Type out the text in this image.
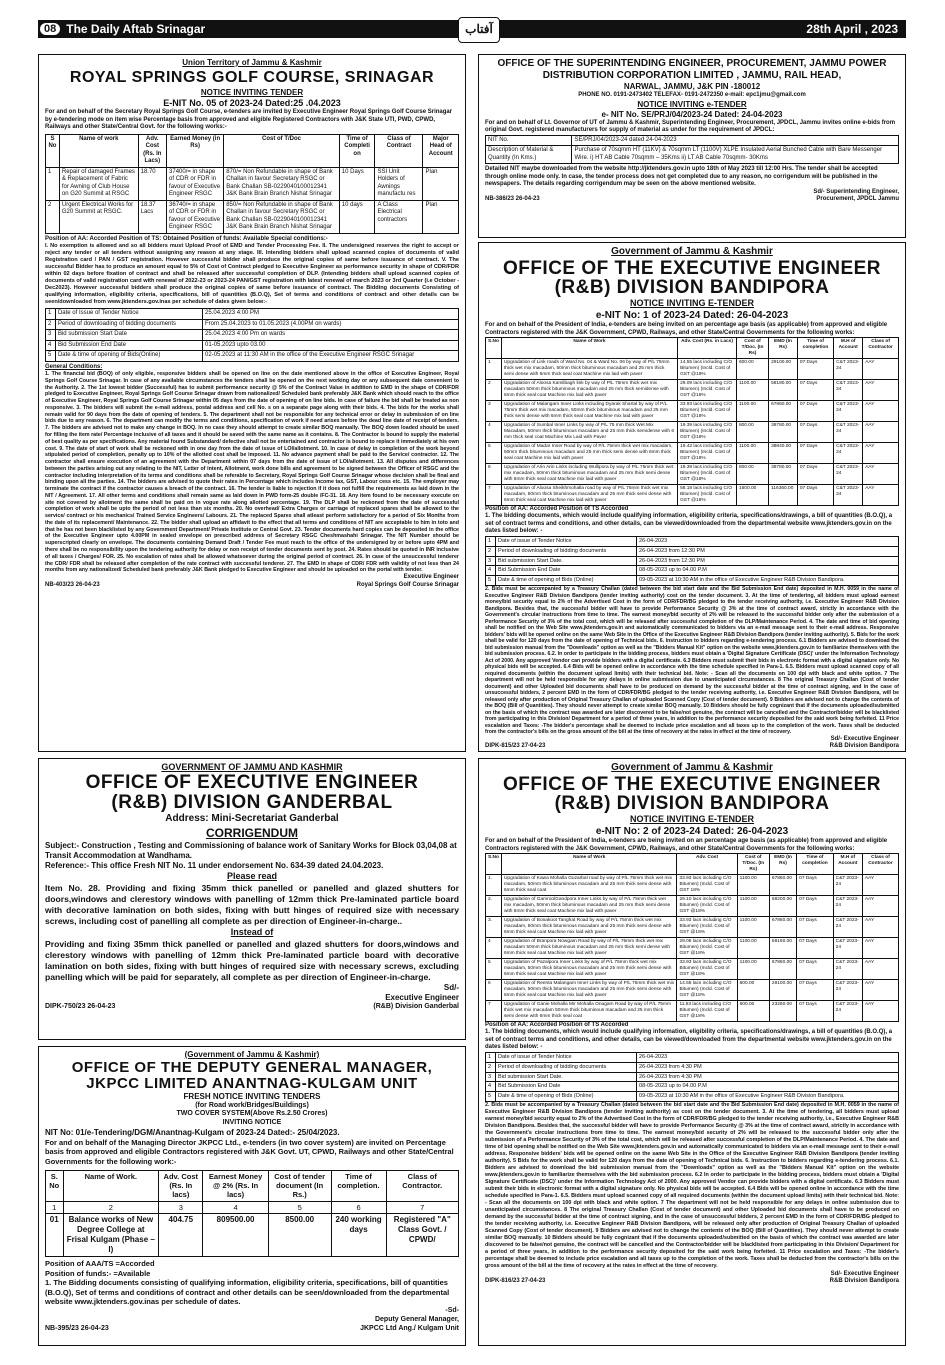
08 The Daily Aftab Srinagar	آفتاب	28th April , 2023
Union Territory of Jammu & Kashmir
ROYAL SPRINGS GOLF COURSE, SRINAGAR
NOTICE INVITING TENDER
E-NIT No. 05 of 2023-24 Dated:25 .04.2023
For and on behalf of the Secretary Royal Springs Golf Course, e-tenders are invited by Executive Engineer Royal Springs Golf Course Srinagar by e-tendering mode on item wise Percentage basis from approved and eligible Registered Contractors with J&K State UTI, PWD, CPWD, Railways and other State/Central Govt. for the following works:-
S No	Name of work	Adv. Cost (Rs. In Lacs)	Earned Money (in Rs)	Cost of T/Doc	Time of Completi on	Class of Contract	Major Head of Account
1	Repair of damaged Frames & Replacement of Fabric for Awning of Club House on G20 Summit at RSGC	18.70	37400/= in shape of CDR or FDR in favour of Executive Engineer RSGC	870/= Non Refundable in shape of Bank Challan in favour Secretary RSGC or Bank Challan SB-0229040100012341 J&K Bank Brain Branch Nishat Srinagar	10 Days	SSI Unit Holders of Awnings manufactu res	Plan
2	Urgent Electrical Works for G20 Summit at RSGC.	18.37 Lacs	36740/= in shape of CDR or FDR in favour of Executive Engineer RSGC	850/= Non Refundable in shape of Bank Challan in favour Secretary RSGC or Bank Challan SB-0229040100012341 J&K Bank Brain Branch Nishat Srinagar	10 days	A Class Electrical contractors	Plan
Position of AA: Accorded Position of TS: Obtained Position of funds: Available Special conditions:-
I. No exemption is allowed and so all bidders must Upload Proof of EMD and Tender Processing Fee. II. The undersigned reserves the right to accept or reject any tender or all tenders without assigning any reason at any stage. III. Intending bidders shall upload scanned copies of documents of valid Registration card / PAN / GST registration. However successful bidder shall produce the original copies of same before issuance of contract. V. The successful Bidder has to produce an amount equal to 5% of Cost of Contract pledged to Executive Engineer as performance security in shape of CDR/FDR within 02 days before fixation of contract and shall be released after successful completion of DLP. (Intending bidders shall upload scanned copies of documents of valid registration card with renewal of 2022-23 or 2023-24 PAN/GST registration with latest renewal of march 2023 or 3rd Quarter (i.e October -Dec2023). However successful bidders shall produce the original copies of same before issuance of contract. The Bidding documents Consisting of qualifying information, eligibility criteria, specifications, bill of quantities (B.O.Q), Set of terms and conditions of contract and other details can be seen/downloaded from www.jktenders.gov.inas per schedule of dates given below:-
1	Date of Issue of Tender Notice	25.04.2023 4:00 PM
2	Period of downloading of bidding documents	From 25.04.2023 to 01.05.2023 (4.00PM on wards)
3	Bid submission Start Date	25.04.2023 4:00 Pm on wards
4	Bid Submission End Date	01-05.2023 upto 03.00
5	Date & time of opening of Bids(Online)	02-05.2023 at 11:30 AM in the office of the Executive Engineer RSGC Srinagar
General Conditions:
1. The financial bid (BOQ) of only eligible, responsive bidders shall be opened on line on the date mentioned above in the office of Executive Engineer, Royal Springs Golf Course Srinagar. In case of any available circumstances the tenders shall be opened on the next working day or any subsequent date convenient to the Authority. 2. The 1st lowest bidder (Successful) has to submit performance security @ 5% of the Contract Value in addition to EMD in the shape of CDR/FDR pledged to Executive Engineer, Royal Springs Golf Course Srinagar drawn from nationalized/ Scheduled bank preferably J&K Bank which should reach to the office of Executive Engineer, Royal Springs Golf Course Srinagar within 05 days from the date of opening of on line bids. In case of failure the bid shall be treated as non responsive. 3. The bidders will submit the e-mail address, postal address and cell No. s on a separate page along with their bids. 4. The bids for the works shall remain valid for 90 days from the date of opening of tenders. 5. The department shall not be responsible for any technical error or delay in submission of on line bids due to any reason. 6. The department can modify the terms and conditions, specification of work if need arises before the dead line date of receipt of tenders. 7. The bidders are advised not to make any change in BOQ. In no case they should attempt to create similar BOQ manually. The BOQ down loaded should be used for filling the item rate/ Percentage inclusive of all taxes and it should be saved with the same name as it contains. 8. The Contractor is bound to supply the material of best quality as per specifications. Any material found Substandard/ defective shall not be entertained and contractor is bound to replace it immediately at his own cost. 9. The date of start of work shall be reckoned with in one day from the date of issue of LOI/allotment. 10. In case of delay in completion of the work beyond stipulated period of completion, penalty up to 10% of the allotted cost shall be imposed. 11. No advance payment shall be paid to the Service/ contractor. 12. The contractor shall ensure execution of an agreement with the Department within 07 days from the date of issue of LOI/allotment. 13. All disputes and differences between the parties arising out any relating to the NIT, Letter of intent, Allotment, work done bills and agreement to be signed between the Officer of RSGC and the contractor including interpretation of its terms and conditions shall be referable to Secretary, Royal Springs Golf Course Srinagar whose decision shall be final and binding upon all the parties. 14. The bidders are advised to quote their rates in Percentage which includes Income tax, GST, Labour cess etc. 15. The employer may terminate the contract if the contractor causes a breach of the contract. 16. The tender is liable to rejection if it does not fulfill the requirements as laid down in the NIT / Agreement. 17. All other terms and conditions shall remain same as laid down in PWD form-25 double /FC-31. 18. Any item found to be necessary execute on site not covered by allotment the same shall be paid on in vogue rate along allotted percentage. 19. The DLP shall be reckoned from the date of successful completion of work shall be upto the period of not less than six months. 20. No overhead/ Extra Charges or carriage of replaced spares shall be allowed to the service/ contract or his mechanics/ Trained Service Engineers/ Labours. 21. The replaced Spares shall atleast perform satisfactory for a period of Six Months from the date of its replacement/ Maintenance. 22. The bidder shall upload an affidavit to the effect that all terms and conditions of NIT are acceptable to him in toto and that he has not been blacklisted by any Government Department/ Private Institute or Central Govt. 23. Tender documents hard copies can be deposited in the office of the Executive Engineer upto 4.00PM in sealed envelope on prescribed address of Secretary RSGC Cheshmashahi Srinagar. The NIT Number should be superscripted clearly on envelope. The documents containing Demand Draft / Tender Fee must reach to the office of the undersigned by or before upto 4PM and there shall be no responsibility upon the tendering authority for delay or non receipt of tender documents sent by post. 24. Rates should be quoted in INR inclusive of all taxes / Charges/ FOR. 25. No escalation of rates shall be allowed whatsoever during the original period of contract. 26. In case of the unsuccessful tenderer the CDR/ FDR shall be released after completion of the rate contract with successful tenderer. 27. The EMD in shape of CDR/ FDR with validity of not less than 24 months from any nationalized/ Scheduled bank preferably J&K Bank pledged to Executive Engineer and should be uploaded on the portal with tender.
Executive Engineer
NB-403/23 26-04-23	Royal Springs Golf Course Srinagar
OFFICE OF THE SUPERINTENDING ENGINEER, PROCUREMENT, JAMMU POWER DISTRIBUTION CORPORATION LIMITED , JAMMU, RAIL HEAD,
NARWAL, JAMMU, J&K PIN -180012
PHONE NO. 0191-2473402 TELEFAX- 0191-2472350 e-mail: epc1jmu@gmail.com
NOTICE INVITING e-TENDER
e- NIT No. SE/PRJ/04/2023-24 Dated: 24-04-2023
For and on behalf of Lt. Governor of UT of Jammu & Kashmir, Superintending Engineer, Procurement, JPDCL, Jammu invites online e-bids from original Govt. registered manufacturers for supply of material as under for the requirement of JPDCL:
NIT No.	SE/PRJ/04/2023-24 dated 24-04-2023
Description of Material & Quantity (In Kms.)	Purchase of 70sqmm HT (11KV) & 70sqmm LT (1100V) XLPE Insulated Aerial Bunched Cable with Bare Messenger Wire. i) HT AB Cable 70sqmm – 35Kms ii) LT AB Cable 70sqmm- 30Kms
Detailed NIT maybe downloaded from the website http://jktenders.gov.in upto 18th of May 2023 till 12:00 Hrs. The tender shall be accepted through online mode only. In case, the tender process does not get completed due to any reason, no corrigendum will be published in the newspapers. The details regarding corrigendum may be seen on the above mentioned website.
Sd/- Superintending Engineer,
NB-386/23 26-04-23	Procurement, JPDCL Jammu
Government of Jammu & Kashmir
OFFICE OF THE EXECUTIVE ENGINEER
(R&B) DIVISION BANDIPORA
NOTICE INVITING E-TENDER
e-NIT No: 1 of 2023-24 Dated: 26-04-2023
For and on behalf of the President of India, e-tenders are being invited on an percentage age basis (as applicable) from approved and eligible Contractors registered with the J&K Government, CPWD, Railways, and other State/Central Governments for the following works:
S.No	Name of Work	Adv. Cost (Rs. in Lacs)	Cost of T/Doc. (In Rs)	EMD (In Rs)	Time of completion	M.H of Account	Class of Contractor
1	Upgradation of Link roads of Ward No. 04 & Ward No. 06 by way of P/L 75mm thick wet mix macadam, 50mm thick bituminous macadam and 25 mm thick semi dense with 6mm thick seal coat Machine mix laid with paver	14.55 lacs including C/O Bitumen) (Incld. Cost of GST @18%	600.00	29100.00	07 Days	C&T 2023-24	AAY
2	Upgradation of Aloosa Kamlibagh link by way of P/L 75mm thick wet mix macadam 50mm thick bituminous macadam and 25 mm thick semidense with 6mm thick seal coat Machine mix laid with paver	29.09 lacs including C/O Bitumen) (Incld. Cost of GST @18%	1100.00	58180.00	07 Days	C&T 2023-24	AAY
3	Upgradation of Malangam Inner Links including Dyarak Shartal by way of P/L 75mm thick wet mix macadam, 50mm thick bituminous macadam and 25 mm thick semi dense with 6mm thick seal coat Machine mix laid with paver	33.93 lacs including C/O Bitumen) (Incld. Cost of GST @18%	1100.00	67860.00	07 Days	C&T 2023-24	AAY
4	Upgradation of Sumbal Inner Links by way of P/L 75 mm thick Wet Mix Macadam, 50mm thick bituminous macadam and 25 mm thick semidense with 6 mm thick seal coat Machine Mix Laid with Paver	19.39 lacs including C/O Bitumen) (Incld. Cost of GST @18%	800.00	38780.00	07 Days	C&T 2023-24	AAY
5	Upgradation of Madar Inner Road by way of P/L 75mm thick wet mix macadam, 50mm thick bituminous macadam and 25 mm thick semi dense with 6mm thick seal coat Machine mix laid with paver	19.42 lacs including C/O Bitumen) (Incld. Cost of GST @18%	1100.00	38840.00	07 Days	C&T 2023-24	AAY
6	Upgradation of Arin Arin Links including Wullipora by way of P/L 75mm thick wet mix macadam, 50mm thick bituminous macadam and 25 mm thick semi dense with 6mm thick seal coat Machine mix laid with paver	19.39 lacs including C/O Bitumen) (Incld. Cost of GST @18%	800.00	38780.00	07 Days	C&T 2023-24	AAY
7	Upgradation of Aloosa Sheikhmohalla road by way of P/L 75mm thick wet mix macadam, 50mm thick bituminous macadam and 25 mm thick semi dense with 6mm thick seal coat Machine mix laid with paver	58.18 lacs including C/O Bitumen) (Incld. Cost of GST @18%	1600.00	116360.00	07 Days	C&T 2023-24	AAY
Position of AA: Accorded Position of TS Accorded
1. The bidding documents, which would include qualifying information, eligibility criteria, specifications/drawings, a bill of quantities (B.O.Q), a set of contract terms and conditions, and other details, can be viewed/downloaded from the departmental website www.jktenders.gov.in on the dates listed below: -
1	Date of issue of Tender Notice	26-04-2023
2	Period of downloading of bidding documents	26-04-2023 from 12:30 PM
3	Bid submission Start Date.	26-04-2023 from 12:30 PM
4	Bid Submission End Date	08-05-2023 up to 04.00 P.M
5	Date & time of opening of Bids (Online)	09-05-2023 at 10:30 AM in the office of Executive Engineer R&B Division Bandipora.
2. Bids must be accompanied by a Treasury Challan (dated between the bid start date and the Bid Submission End date) deposited in M.H. 0059 in the name of Executive Engineer R&B Division Bandipora (tender inviting authority) cost on the tender document. 3. At the time of tendering, all bidders must upload earnest money/bid security equal to 2% of the Advertised Cost in the form of CDR/FDR/BG pledged to the tender receiving authority, i.e. Executive Engineer R&B Division Bandipora. Besides that, the successful bidder will have to provide Performance Security @ 3% at the time of contract award, strictly in accordance with the Government's circular instructions from time to time. The earnest money/bid security of 2% will be released to the successful bidder only after the submission of a Performance Security of 3% of the total cost, which will be released after successful completion of the DLP/Maintenance Period. 4. The date and time of bid opening shall be notified on the Web Site www.jktenders.gov.in and automatically communicated to bidders via an e-mail message sent to their e-mail address. Responsive bidders' bids will be opened online on the same Web Site in the Office of the Executive Engineer R&B Division Bandipora (tender inviting authority). 5. Bids for the work shall be valid for 120 days from the date of opening of Technical bids. 6. Instruction to bidders regarding e-tendering process. 6.1 Bidders are advised to download the bid submission manual from the "Downloads" option as well as the "Bidders Manual Kit" option on the website www.jktenders.gov.in to familiarize themselves with the bid submission process. 6.2. In order to participate in the bidding process, bidders must obtain a 'Digital Signature Certificate (DSC)' under the Information Technology Act of 2000. Any approved Vendor can provide bidders with a digital certificate. 6.3 Bidders must submit their bids in electronic format with a digital signature only. No physical bids will be accepted. 6.4 Bids will be opened online in accordance with the time schedule specified in Para-1. 6.5. Bidders must upload scanned copy of all required documents (within the document upload limits) with their technical bid. Note: - Scan all the documents on 100 dpi with black and white option. 7 The department will not be held responsible for any delays in online submission due to unanticipated circumstances. 8 The original Treasury Challan (Cost of tender document) and other Uploaded bid documents shall have to be produced on demand by the successful bidder at the time of contract signing, and in the case of unsuccessful bidders, 2 percent EMD in the form of CDR/FDR/BG pledged to the tender receiving authority, i.e. Executive Engineer R&B Division Bandipora, will be released only after production of Original Treasury Challan of uploaded Scanned Copy (Cost of tender document). 9 Bidders are advised not to change the contents of the BOQ (Bill of Quantities). They should never attempt to create similar BOQ manually. 10 Bidders should be fully cognizant that if the documents uploaded/submitted on the basis of which the contract was awarded are later discovered to be false/not genuine, the contract will be cancelled and the Contractor/bidder will be blacklisted from participating in this Division/ Department for a period of three years, in addition to the performance security deposited for the said work being forfeited. 11 Price escalation and Taxes: -The bidder's percentage shall be deemed to include price escalation and all taxes up to the completion of the work. Taxes shall be deducted from the contractor's bills on the gross amount of the bill at the time of recovery at the rates in effect at the time of recovery.
Sd/- Executive Engineer
DIPK-815/23 27-04-23	R&B Division Bandipora
GOVERNMENT OF JAMMU AND KASHMIR
OFFICE OF EXECUTIVE ENGINEER
(R&B) DIVISION GANDERBAL
Address: Mini-Secretariat Ganderbal
CORRIGENDUM
Subject:- Construction , Testing and Commissioning of balance work of Sanitary Works for Block 03,04,08 at Transit Accommodation at Wandhama.
Reference:- This office Fresh NIT No. 11 under endorsement No. 634-39 dated 24.04.2023.
Please read
Item No. 28. Providing and fixing 35mm thick panelled or panelled and glazed shutters for doors,windows and clerestory windows with panelling of 12mm thick Pre-laminated particle board with decorative lamination on both sides, fixing with butt hinges of required size with necessary screws, including cost of panelling all complete as per direction of Engineer-in-charge..
Instead of
Providing and fixing 35mm thick panelled or panelled and glazed shutters for doors,windows and clerestory windows with panelling of 12mm thick Pre-laminated particle board with decorative lamination on both sides, fixing with butt hinges of required size with necessary screws, excluding panelling which will be paid for separately, all complete as per direction of Engineer-in-charge.
Sd/-
Executive Engineer
DIPK-750/23 26-04-23	(R&B) Division Ganderbal
(Government of Jammu & Kashmir)
OFFICE OF THE DEPUTY GENERAL MANAGER,
JKPCC LIMITED ANANTNAG-KULGAM UNIT
FRESH NOTICE INVITING TENDERS
(for Road work/Bridges/Buildings)
TWO COVER SYSTEM(Above Rs.2.50 Crores)
INVITING NOTICE
NIT No: 01/e-Tendering/DGM/Anantnag-Kulgam of 2023-24 Dated:- 25/04/2023.
For and on behalf of the Managing Director JKPCC Ltd., e-tenders (in two cover system) are invited on Percentage basis from approved and eligible Contractors registered with J&K Govt. UT, CPWD, Railways and other State/Central Governments for the following work:-
S. No	Name of Work.	Adv. Cost (Rs. In lacs)	Earnest Money @ 2% (Rs. In lacs)	Cost of tender document (In Rs.)	Time of completion.	Class of Contractor.
1	2	3	4	5	6	7
01	Balance works of New Degree College at Frisal Kulgam (Phase –I)	404.75	809500.00	8500.00	240 working days	Registered "A" Class Govt. / CPWD/
Position of AAA/TS =Accorded
Position of funds:- =Available
1. The Bidding documents consisting of qualifying information, eligibility criteria, specifications, bill of quantities (B.O.Q), Set of terms and conditions of contract and other details can be seen/downloaded from the departmental website www.jktenders.gov.inas per schedule of dates.
-Sd-
Deputy General Manager,
NB-395/23 26-04-23	JKPCC Ltd Ang./ Kulgam Unit
Government of Jammu & Kashmir
OFFICE OF THE EXECUTIVE ENGINEER
(R&B) DIVISION BANDIPORA
NOTICE INVITING E-TENDER
e-NIT No: 2 of 2023-24 Dated: 26-04-2023
For and on behalf of the President of India, e-tenders are being invited on an percentage age basis (as applicable) from approved and eligible Contractors registered with the J&K Government, CPWD, Railways, and other State/Central Governments for the following works:
S.No	Name of Work	Adv. Cost	Cost of T/Doc. (In Rs)	EMD (In Rs)	Time of completion	M.H of Account	Class of Contractor
1.	Upgradation of Kawa Mohalla Guzarbal road by way of P/L 75mm thick wet mix macadam, 50mm thick bituminous macadam and 25 mm thick semi dense with 6mm thick seal coat	33.93 lacs including C/O Bitumen) (Incld. Cost of GST 18%	1100.00	67860.00	07 Days	C&T 2023-24	AAY
2.	Upgradation of GamroolGandpora Inner Links by way of P/L 75mm thick wet mix macadam, 50mm thick bituminous macadam and 25 mm thick semi dense with 6mm thick seal coat Machine mix laid with paver	29.10 lacs including C/O Bitumen) (Incld. Cost of GST @18%	1100.00	58200.00	07 Days	C&T 2023-24	AAY
3.	Upgradation of Bonakoot Tanghat Road by way of P/L 75mm thick wet mix macadam, 50mm thick bituminous macadam and 25 mm thick semi dense with 6mm thick seal coat Machine mix laid with paver	33.93 lacs including C/O Bitumen) (Incld. Cost of GST @18%	1100.00	67860.00	07 Days	C&T 2023-24	AAY
4	Upgradation of Branpora Nowgam Road by way of P/L 75mm thick wet mix macadam 50mm thick bituminous macadam and 25 mm thick semi dense with 6mm thick seal coat Machine mix laid with paver	29.08 lacs including C/O Bitumen) (Incld. Cost of GST @18%	1100.00	58160.00	07 Days	C&T 2023-24	AAY
5	Upgradation of Pazalpora Inner Links by way of P/L 75mm thick wet mix macadam, 50mm thick bituminous macadam and 25 mm thick semi dense with 6mm thick seal coat Machine mix laid with paver	33.93 lacs including C/O Bitumen) (Incld. Cost of GST @18%	1100.00	67860.00	07 Days	C&T 2023-24	AAY
6	Upgradation of Reenta Malangam Inner Links by way of P/L 75mm thick wet mix macadam, 50mm thick bituminous macadam and 25 mm thick semi dense with 6mm thick seal coat Machine mix laid with paver	14.55 lacs including C/O Bitumen) (Incld. Cost of GST @18%	600.00	29100.00	07 Days	C&T 2023-24	AAY
7	Upgradation of Ganie Mohalla Mir Mohalla Onagam Road by way of P/L 75mm thick wet mix macadam 50mm thick bituminous macadam and 25 mm thick semi dense with 6mm thick seal coat	11.63 lacs including C/O Bitumen) (Incld. Cost of GST @18%	600.00	23260.00	07 Days	C&T 2023-24	AAY
Position of AA: Accorded Position of TS Accorded
1. The bidding documents, which would include qualifying information, eligibility criteria, specifications/drawings, a bill of quantities (B.O.Q), a set of contract terms and conditions, and other details, can be viewed/downloaded from the departmental website www.jktenders.gov.in on the dates listed below: -
1	Date of issue of Tender Notice	26-04-2023
2	Period of downloading of bidding documents	26-04-2023 from 4:30 PM
3	Bid submission Start Date.	26-04-2023 from 4:30 PM
4	Bid Submission End Date	08-05-2023 up to 04.00 P.M
5	Date & time of opening of Bids (Online)	09-05-2023 at 10:30 AM in the office of Executive Engineer R&B Division Bandipora.
2. Bids must be accompanied by a Treasury Challan (dated between the bid start date and the Bid Submission End date) deposited in M.H. 0059 in the name of Executive Engineer R&B Division Bandipora (tender inviting authority) as cost on the tender document. 3. At the time of tendering, all bidders must upload earnest money/bid security equal to 2% of the Advertised Cost in the form of CDR/FDR/BG pledged to the tender receiving authority, i.e., Executive Engineer R&B Division Bandipora. Besides that, the successful bidder will have to provide Performance Security @ 3% at the time of contract award, strictly in accordance with the Government's circular instructions from time to time. The earnest money/bid security of 2% will be released to the successful bidder only after the submission of a Performance Security of 3% of the total cost, which will be released after successful completion of the DLP/Maintenance Period. 4. The date and time of bid opening shall be notified on the Web Site www.jktenders.gov.in and automatically communicated to bidders via an e-mail message sent to their e-mail address. Responsive bidders' bids will be opened online on the same Web Site in the Office of the Executive Engineer R&B Division Bandipora (tender inviting authority). 5 Bids for the work shall be valid for 120 days from the date of opening of Technical bids. 6. Instruction to bidders regarding e-tendering process. 6.1. Bidders are advised to download the bid submission manual from the "Downloads" option as well as the "Bidders Manual Kit" option on the website www.jktenders.gov.in to familiarize themselves with the bid submission process. 6.2 In order to participate in the bidding process, bidders must obtain a 'Digital Signature Certificate (DSC)' under the Information Technology Act of 2000. Any approved Vendor can provide bidders with a digital certificate. 6.3 Bidders must submit their bids in electronic format with a digital signature only. No physical bids will be accepted. 6.4 Bids will be opened online in accordance with the time schedule specified in Para-1. 6.5. Bidders must upload scanned copy of all required documents (within the document upload limits) with their technical bid. Note: - Scan all the documents on 100 dpi with black and white option. 7 The department will not be held responsible for any delays in online submission due to unanticipated circumstances. 8 The original Treasury Challan (Cost of tender document) and other Uploaded bid documents shall have to be produced on demand by the successful bidder at the time of contract signing, and in the case of unsuccessful bidders, 2 percent EMD in the form of CDR/FDR/BG pledged to the tender receiving authority, i.e. Executive Engineer R&B Division Bandipora, will be released only after production of Original Treasury Challan of uploaded Scanned Copy (Cost of tender document). 9 Bidders are advised not to change the contents of the BOQ (Bill of Quantities). They should never attempt to create similar BOQ manually. 10 Bidders should be fully cognizant that if the documents uploaded/submitted on the basis of which the contract was awarded are later discovered to be false/not genuine, the contract will be cancelled and the Contractor/bidder will be blacklisted from participating in this Division/ Department for a period of three years, in addition to the performance security deposited for the said work being forfeited. 11 Price escalation and Taxes: -The bidder's percentage shall be deemed to include price escalation and all taxes up to the completion of the work. Taxes shall be deducted from the contractor's bills on the gross amount of the bill at the time of recovery at the rates in effect at the time of recovery.
Sd/- Executive Engineer
DIPK-816/23 27-04-23	R&B Division Bandipora
